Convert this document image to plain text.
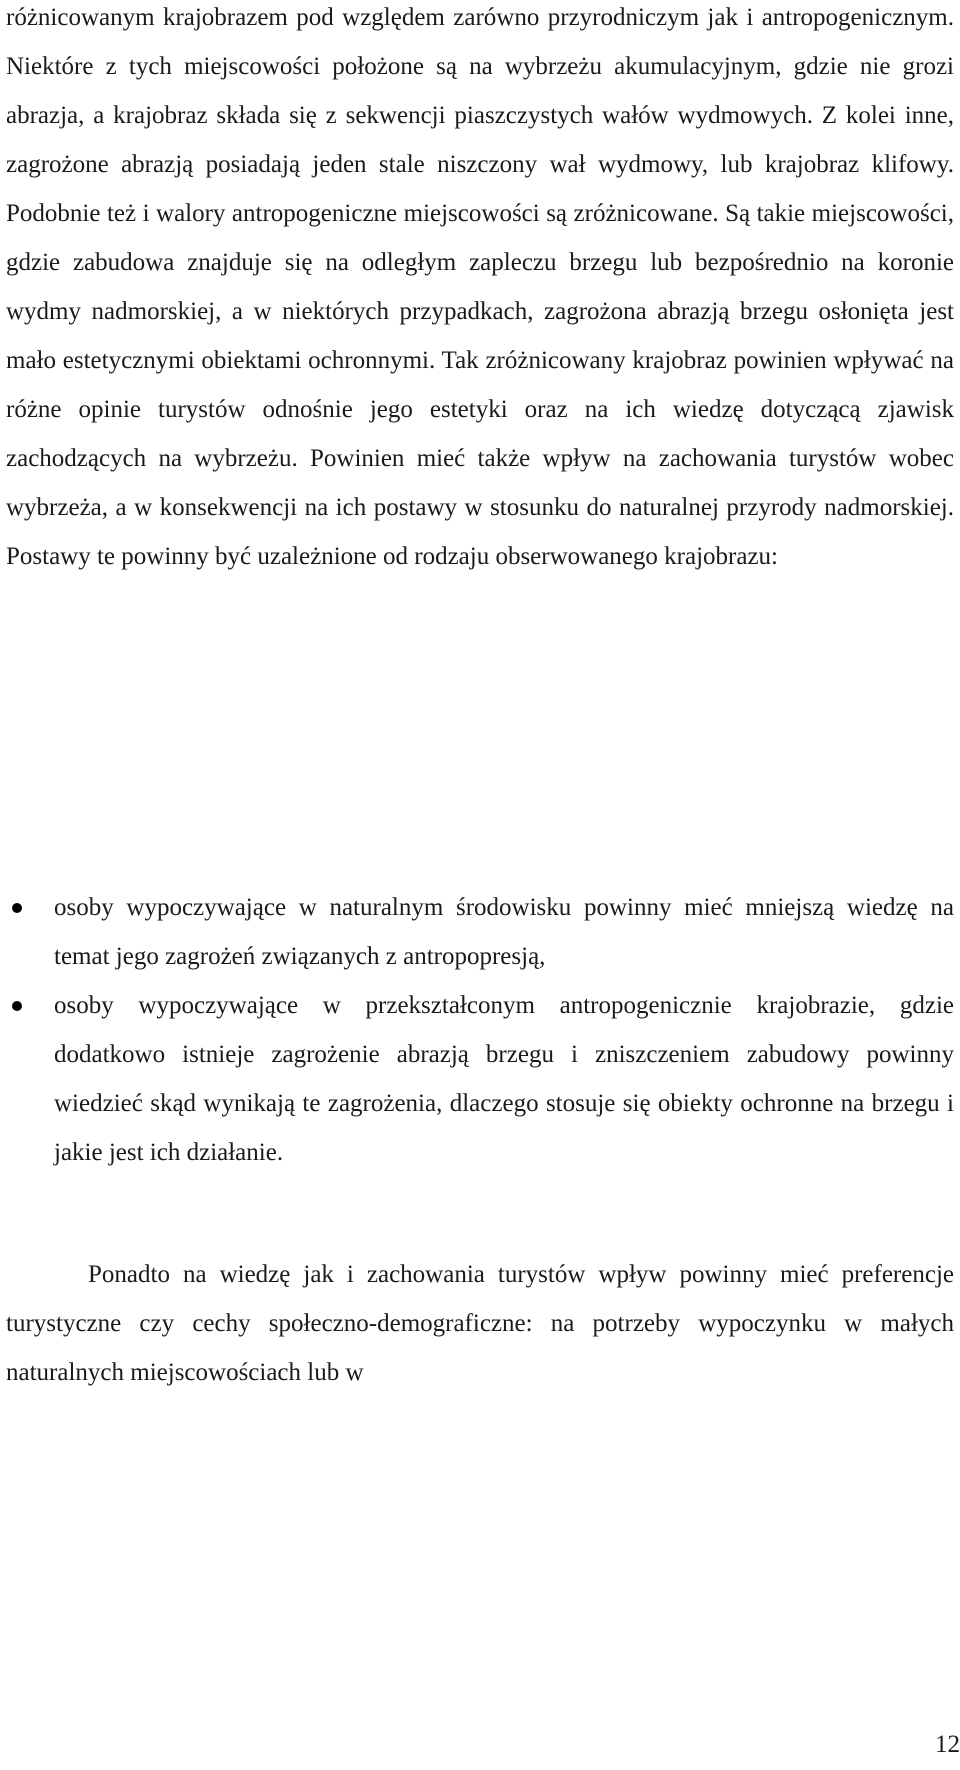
różnicowanym krajobrazem pod względem zarówno przyrodniczym jak i antropogenicznym. Niektóre z tych miejscowości położone są na wybrzeżu akumulacyjnym, gdzie nie grozi abrazja, a krajobraz składa się z sekwencji piaszczystych wałów wydmowych. Z kolei inne, zagrożone abrazją posiadają jeden stale niszczony wał wydmowy, lub krajobraz klifowy. Podobnie też i walory antropogeniczne miejscowości są zróżnicowane. Są takie miejscowości, gdzie zabudowa znajduje się na odległym zapleczu brzegu lub bezpośrednio na koronie wydmy nadmorskiej, a w niektórych przypadkach, zagrożona abrazją brzegu osłonięta jest mało estetycznymi obiektami ochronnymi. Tak zróżnicowany krajobraz powinien wpływać na różne opinie turystów odnośnie jego estetyki oraz na ich wiedzę dotyczącą zjawisk zachodzących na wybrzeżu. Powinien mieć także wpływ na zachowania turystów wobec wybrzeża, a w konsekwencji na ich postawy w stosunku do naturalnej przyrody nadmorskiej. Postawy te powinny być uzależnione od rodzaju obserwowanego krajobrazu:

osoby wypoczywające w naturalnym środowisku powinny mieć mniejszą wiedzę na temat jego zagrożeń związanych z antropopresją,
osoby wypoczywające w przekształconym antropogenicznie krajobrazie, gdzie dodatkowo istnieje zagrożenie abrazją brzegu i zniszczeniem zabudowy powinny wiedzieć skąd wynikają te zagrożenia, dlaczego stosuje się obiekty ochronne na brzegu i jakie jest ich działanie.

Ponadto na wiedzę jak i zachowania turystów wpływ powinny mieć preferencje turystyczne czy cechy społeczno-demograficzne: na potrzeby wypoczynku w małych naturalnych miejscowościach lub w

12
